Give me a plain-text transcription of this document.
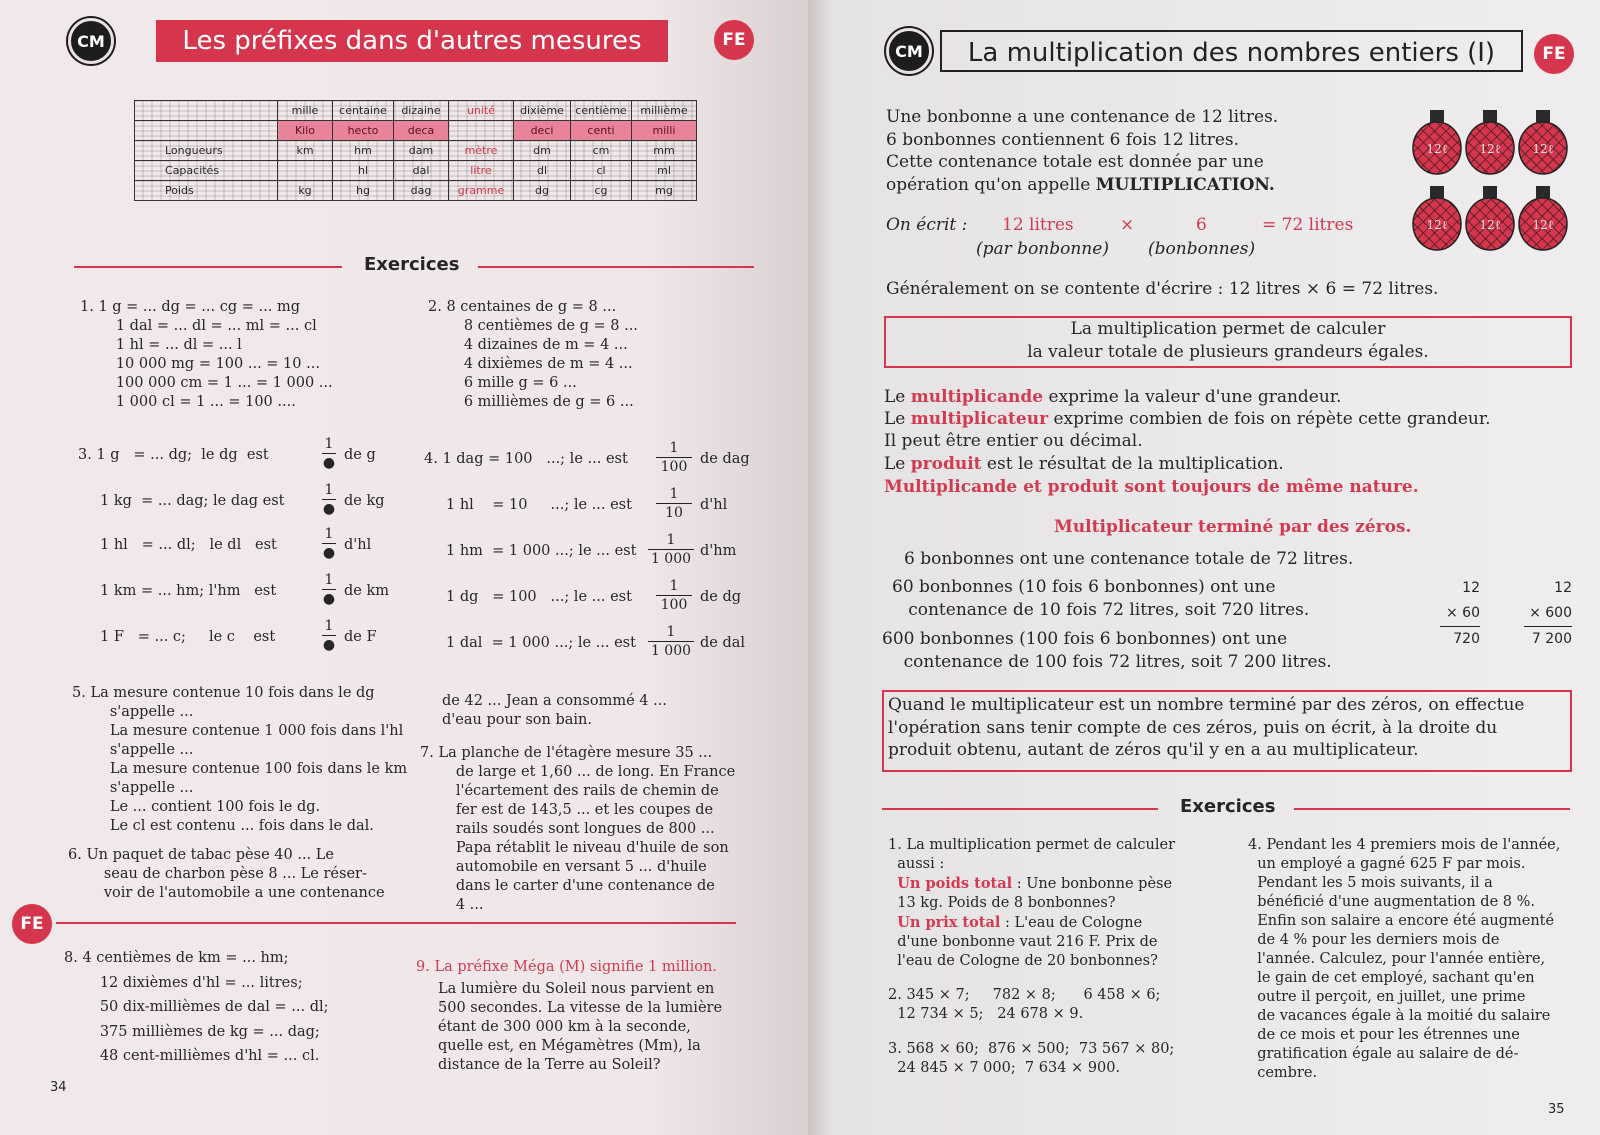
CM	Les préfixes dans d'autres mesures	FE
	mille	centaine	dizaine	unité	dixième	centième	millième
	Kilo	hecto	deca		deci	centi	milli
Longueurs	km	hm	dam	mètre	dm	cm	mm
Capacités		hl	dal	litre	dl	cl	ml
Poids	kg	hg	dag	gramme	dg	cg	mg
Exercices
1. 1 g = ... dg = ... cg = ... mg
1 dal = ... dl = ... ml = ... cl
1 hl = ... dl = ... l
10 000 mg = 100 ... = 10 ...
100 000 cm = 1 ... = 1 000 ...
1 000 cl = 1 ... = 100 ....
2. 8 centaines de g = 8 ...
8 centièmes de g = 8 ...
4 dizaines de m = 4 ...
4 dixièmes de m = 4 ...
6 mille g = 6 ...
6 millièmes de g = 6 ...
3. 1 g   = ... dg;  le dg  est
1
● de g
1 kg  = ... dag; le dag est
1
● de kg
1 hl   = ... dl;   le dl   est
1
● d'hl
1 km = ... hm; l'hm   est
1
● de km
1 F   = ... c;     le c    est
1
● de F
4. 1 dag = 100   ...; le ... est
1
100 de dag
1 hl    = 10     ...; le ... est
1
10	d'hl
1 hm  = 1 000 ...; le ... est
1
1 000 d'hm
1 dg   = 100   ...; le ... est
1
100 de dg
1 dal  = 1 000 ...; le ... est
1
1 000 de dal
5. La mesure contenue 10 fois dans le dg
s'appelle ...
La mesure contenue 1 000 fois dans l'hl
s'appelle ...
La mesure contenue 100 fois dans le km
s'appelle ...
Le ... contient 100 fois le dg.
Le cl est contenu ... fois dans le dal.
6. Un paquet de tabac pèse 40 ... Le
seau de charbon pèse 8 ... Le réser-
voir de l'automobile a une contenance
de 42 ... Jean a consommé 4 ...
d'eau pour son bain.
7. La planche de l'étagère mesure 35 ...
de large et 1,60 ... de long. En France
l'écartement des rails de chemin de
fer est de 143,5 ... et les coupes de
rails soudés sont longues de 800 ...
Papa rétablit le niveau d'huile de son
automobile en versant 5 ... d'huile
dans le carter d'une contenance de
4 ...
FE
8. 4 centièmes de km = ... hm;
12 dixièmes d'hl = ... litres;
50 dix-millièmes de dal = ... dl;
375 millièmes de kg = ... dag;
48 cent-millièmes d'hl = ... cl.
9. La préfixe Méga (M) signifie 1 million.
La lumière du Soleil nous parvient en
500 secondes. La vitesse de la lumière
étant de 300 000 km à la seconde,
quelle est, en Mégamètres (Mm), la
distance de la Terre au Soleil?
34
CM	FE
La multiplication des nombres entiers (I)
Une bonbonne a une contenance de 12 litres.
6 bonbonnes contiennent 6 fois 12 litres.
Cette contenance totale est donnée par une
opération qu'on appelle MULTIPLICATION.
12ℓ	12ℓ	12ℓ
12ℓ	12ℓ	12ℓ
On écrit : 12 litres	×	6	= 72 litres
(par bonbonne) (bonbonnes)
Généralement on se contente d'écrire : 12 litres × 6 = 72 litres.
La multiplication permet de calculer
la valeur totale de plusieurs grandeurs égales.
Le multiplicande exprime la valeur d'une grandeur.
Le multiplicateur exprime combien de fois on répète cette grandeur.
Il peut être entier ou décimal.
Le produit est le résultat de la multiplication.
Multiplicande et produit sont toujours de même nature.
Multiplicateur terminé par des zéros.
6 bonbonnes ont une contenance totale de 72 litres.
60 bonbonnes (10 fois 6 bonbonnes) ont une
contenance de 10 fois 72 litres, soit 720 litres.
600 bonbonnes (100 fois 6 bonbonnes) ont une
contenance de 100 fois 72 litres, soit 7 200 litres.
12
× 60
720
12
× 600
7 200
Quand le multiplicateur est un nombre terminé par des zéros, on effectue
l'opération sans tenir compte de ces zéros, puis on écrit, à la droite du
produit obtenu, autant de zéros qu'il y en a au multiplicateur.
Exercices
1. La multiplication permet de calculer
aussi :
Un poids total : Une bonbonne pèse
13 kg. Poids de 8 bonbonnes?
Un prix total : L'eau de Cologne
d'une bonbonne vaut 216 F. Prix de
l'eau de Cologne de 20 bonbonnes?
2. 345 × 7;     782 × 8;      6 458 × 6;
12 734 × 5;   24 678 × 9.
3. 568 × 60;  876 × 500;  73 567 × 80;
24 845 × 7 000;  7 634 × 900.
4. Pendant les 4 premiers mois de l'année,
un employé a gagné 625 F par mois.
Pendant les 5 mois suivants, il a
bénéficié d'une augmentation de 8 %.
Enfin son salaire a encore été augmenté
de 4 % pour les derniers mois de
l'année. Calculez, pour l'année entière,
le gain de cet employé, sachant qu'en
outre il perçoit, en juillet, une prime
de vacances égale à la moitié du salaire
de ce mois et pour les étrennes une
gratification égale au salaire de dé-
cembre.
35
